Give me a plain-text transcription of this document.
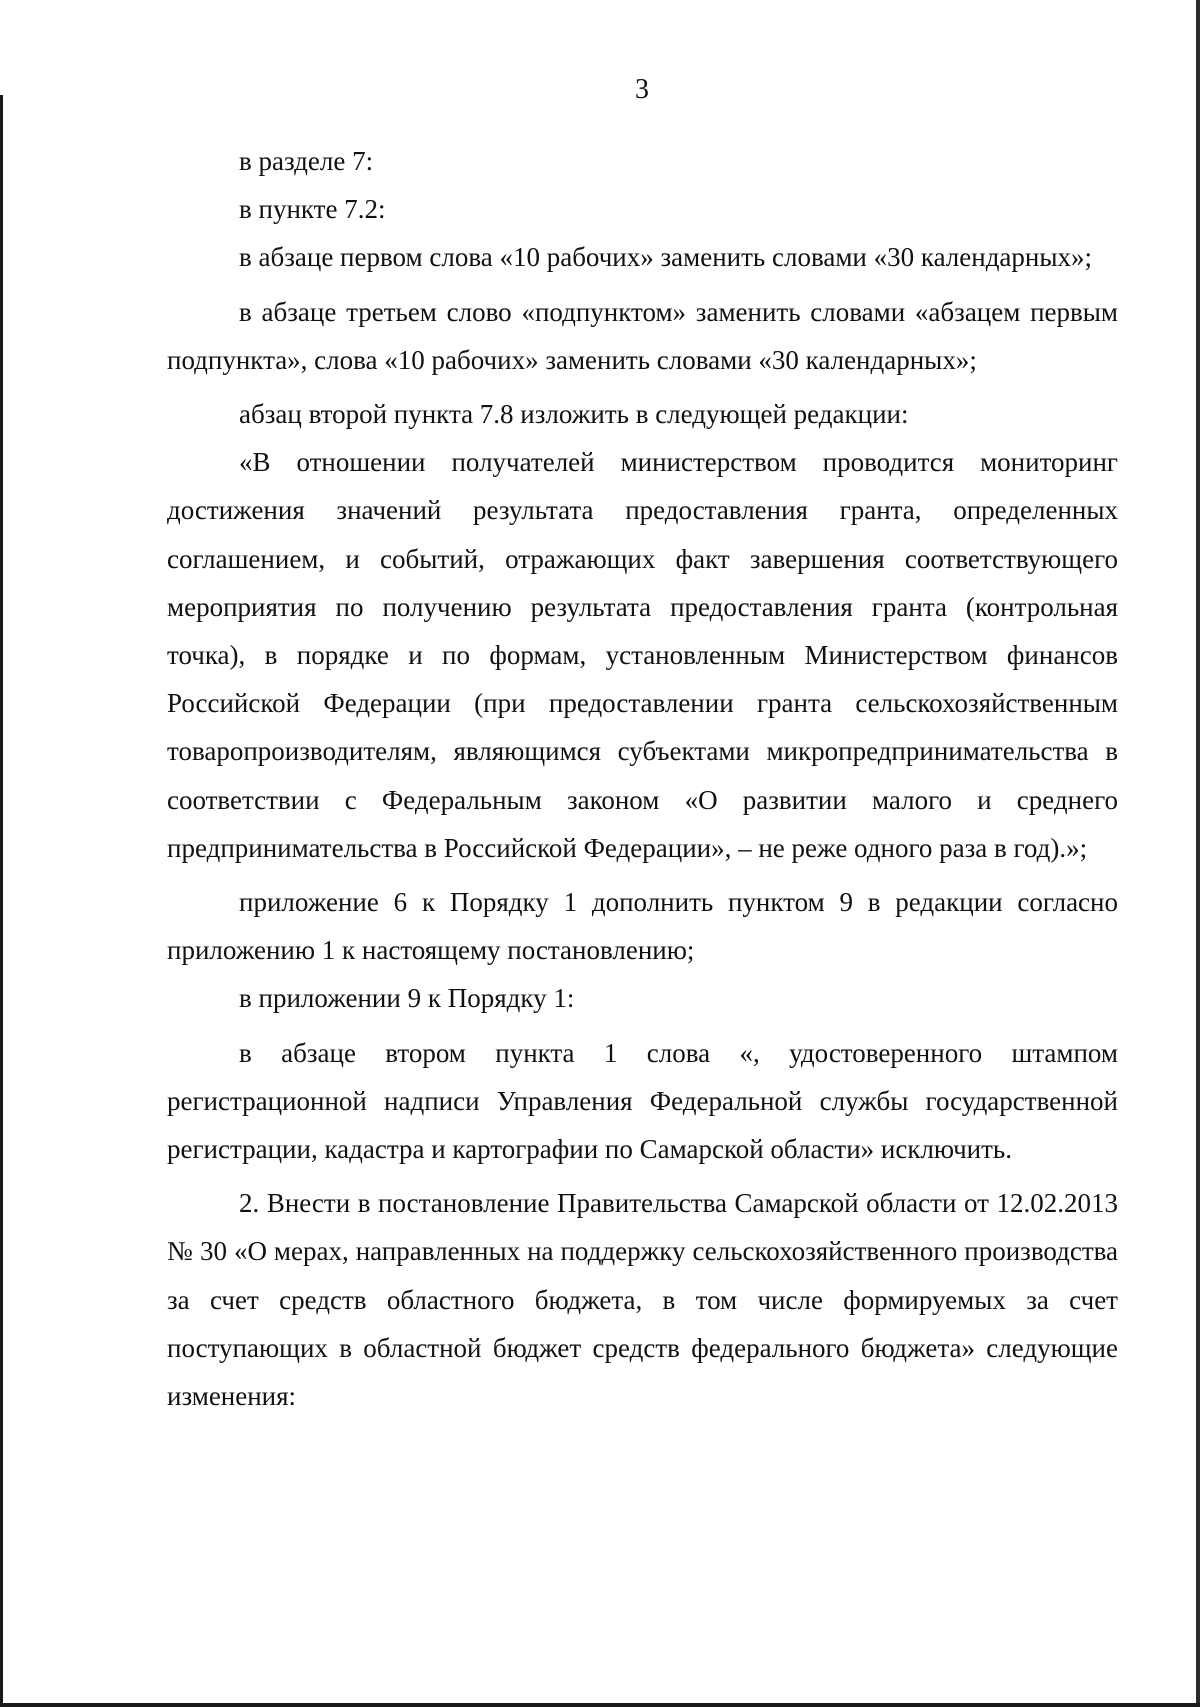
3

в разделе 7:

в пункте 7.2:

в абзаце первом слова «10 рабочих» заменить словами «30 календарных»;

в абзаце третьем слово «подпунктом» заменить словами «абзацем первым подпункта», слова «10 рабочих» заменить словами «30 календарных»;

абзац второй пункта 7.8 изложить в следующей редакции:

«В отношении получателей министерством проводится мониторинг достижения значений результата предоставления гранта, определенных соглашением, и событий, отражающих факт завершения соответствующего мероприятия по получению результата предоставления гранта (контрольная точка), в порядке и по формам, установленным Министерством финансов Российской Федерации (при предоставлении гранта сельскохозяйственным товаропроизводителям, являющимся субъектами микропредпринимательства в соответствии с Федеральным законом «О развитии малого и среднего предпринимательства в Российской Федерации», – не реже одного раза в год).»;

приложение 6 к Порядку 1 дополнить пунктом 9 в редакции согласно приложению 1 к настоящему постановлению;

в приложении 9 к Порядку 1:

в абзаце втором пункта 1 слова «, удостоверенного штампом регистрационной надписи Управления Федеральной службы государственной регистрации, кадастра и картографии по Самарской области» исключить.

2. Внести в постановление Правительства Самарской области от 12.02.2013 № 30 «О мерах, направленных на поддержку сельскохозяйственного производства за счет средств областного бюджета, в том числе формируемых за счет поступающих в областной бюджет средств федерального бюджета» следующие изменения:
